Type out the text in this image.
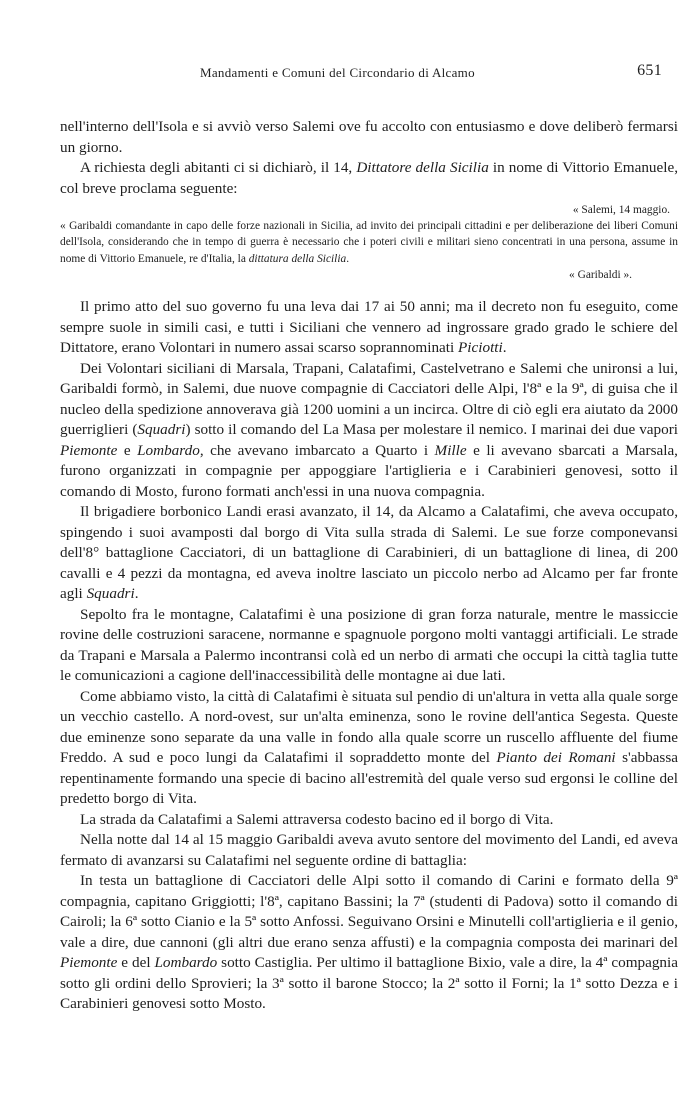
Mandamenti e Comuni del Circondario di Alcamo	651

nell'interno dell'Isola e si avviò verso Salemi ove fu accolto con entusiasmo e dove deliberò fermarsi un giorno.

A richiesta degli abitanti ci si dichiarò, il 14, Dittatore della Sicilia in nome di Vittorio Emanuele, col breve proclama seguente:

« Salemi, 14 maggio.

« Garibaldi comandante in capo delle forze nazionali in Sicilia, ad invito dei principali cittadini e per deliberazione dei liberi Comuni dell'Isola, considerando che in tempo di guerra è necessario che i poteri civili e militari sieno concentrati in una persona, assume in nome di Vittorio Emanuele, re d'Italia, la dittatura della Sicilia.

« Garibaldi ».

Il primo atto del suo governo fu una leva dai 17 ai 50 anni; ma il decreto non fu eseguito, come sempre suole in simili casi, e tutti i Siciliani che vennero ad ingrossare grado grado le schiere del Dittatore, erano Volontari in numero assai scarso soprannominati Piciotti.

Dei Volontari siciliani di Marsala, Trapani, Calatafimi, Castelvetrano e Salemi che unironsi a lui, Garibaldi formò, in Salemi, due nuove compagnie di Cacciatori delle Alpi, l'8ª e la 9ª, di guisa che il nucleo della spedizione annoverava già 1200 uomini a un incirca. Oltre di ciò egli era aiutato da 2000 guerriglieri (Squadri) sotto il comando del La Masa per molestare il nemico. I marinai dei due vapori Piemonte e Lombardo, che avevano imbarcato a Quarto i Mille e li avevano sbarcati a Marsala, furono organizzati in compagnie per appoggiare l'artiglieria e i Carabinieri genovesi, sotto il comando di Mosto, furono formati anch'essi in una nuova compagnia.

Il brigadiere borbonico Landi erasi avanzato, il 14, da Alcamo a Calatafimi, che aveva occupato, spingendo i suoi avamposti dal borgo di Vita sulla strada di Salemi. Le sue forze componevansi dell'8° battaglione Cacciatori, di un battaglione di Carabinieri, di un battaglione di linea, di 200 cavalli e 4 pezzi da montagna, ed aveva inoltre lasciato un piccolo nerbo ad Alcamo per far fronte agli Squadri.

Sepolto fra le montagne, Calatafimi è una posizione di gran forza naturale, mentre le massiccie rovine delle costruzioni saracene, normanne e spagnuole porgono molti vantaggi artificiali. Le strade da Trapani e Marsala a Palermo incontransi colà ed un nerbo di armati che occupi la città taglia tutte le comunicazioni a cagione dell'inaccessibilità delle montagne ai due lati.

Come abbiamo visto, la città di Calatafimi è situata sul pendio di un'altura in vetta alla quale sorge un vecchio castello. A nord-ovest, sur un'alta eminenza, sono le rovine dell'antica Segesta. Queste due eminenze sono separate da una valle in fondo alla quale scorre un ruscello affluente del fiume Freddo. A sud e poco lungi da Calatafimi il sopraddetto monte del Pianto dei Romani s'abbassa repentinamente formando una specie di bacino all'estremità del quale verso sud ergonsi le colline del predetto borgo di Vita.

La strada da Calatafimi a Salemi attraversa codesto bacino ed il borgo di Vita.

Nella notte dal 14 al 15 maggio Garibaldi aveva avuto sentore del movimento del Landi, ed aveva fermato di avanzarsi su Calatafimi nel seguente ordine di battaglia:

In testa un battaglione di Cacciatori delle Alpi sotto il comando di Carini e formato della 9ª compagnia, capitano Griggiotti; l'8ª, capitano Bassini; la 7ª (studenti di Padova) sotto il comando di Cairoli; la 6ª sotto Cianio e la 5ª sotto Anfossi. Seguivano Orsini e Minutelli coll'artiglieria e il genio, vale a dire, due cannoni (gli altri due erano senza affusti) e la compagnia composta dei marinari del Piemonte e del Lombardo sotto Castiglia. Per ultimo il battaglione Bixio, vale a dire, la 4ª compagnia sotto gli ordini dello Sprovieri; la 3ª sotto il barone Stocco; la 2ª sotto il Forni; la 1ª sotto Dezza e i Carabinieri genovesi sotto Mosto.
